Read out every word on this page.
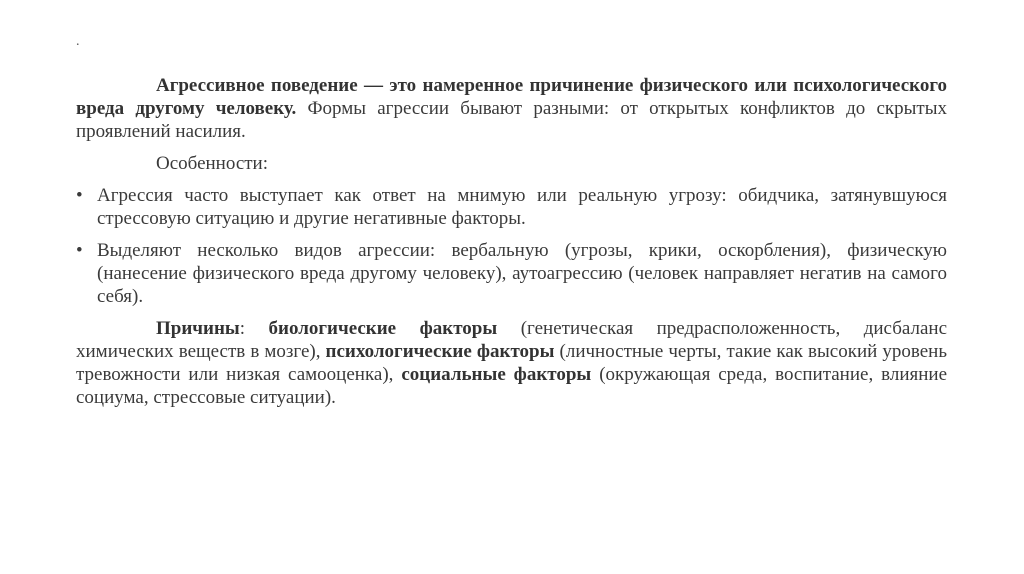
.

Агрессивное поведение — это намеренное причинение физического или психологического вреда другому человеку. Формы агрессии бывают разными: от открытых конфликтов до скрытых проявлений насилия.

Особенности:

• Агрессия часто выступает как ответ на мнимую или реальную угрозу: обидчика, затянувшуюся стрессовую ситуацию и другие негативные факторы.
• Выделяют несколько видов агрессии: вербальную (угрозы, крики, оскорбления), физическую (нанесение физического вреда другому человеку), аутоагрессию (человек направляет негатив на самого себя).

Причины: биологические факторы (генетическая предрасположенность, дисбаланс химических веществ в мозге), психологические факторы (личностные черты, такие как высокий уровень тревожности или низкая самооценка), социальные факторы (окружающая среда, воспитание, влияние социума, стрессовые ситуации).
